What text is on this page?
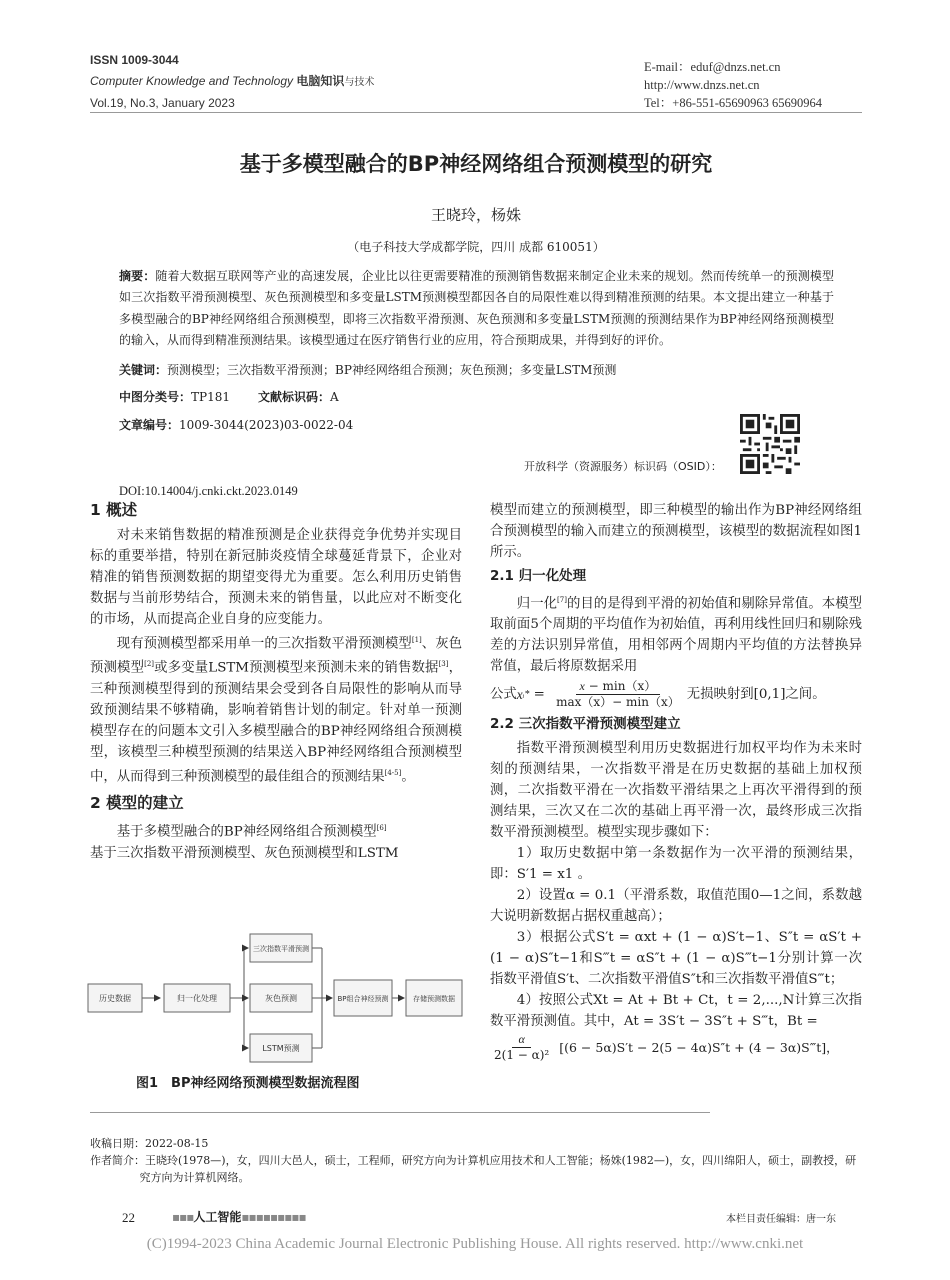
ISSN 1009-3044
Computer Knowledge and Technology 电脑知识与技术
Vol.19, No.3, January 2023
E-mail：eduf@dnzs.net.cn
http://www.dnzs.net.cn
Tel：+86-551-65690963 65690964
基于多模型融合的BP神经网络组合预测模型的研究
王晓玲，杨姝
（电子科技大学成都学院，四川 成都 610051）
摘要：随着大数据互联网等产业的高速发展，企业比以往更需要精准的预测销售数据来制定企业未来的规划。然而传统单一的预测模型如三次指数平滑预测模型、灰色预测模型和多变量LSTM预测模型都因各自的局限性难以得到精准预测的结果。本文提出建立一种基于多模型融合的BP神经网络组合预测模型，即将三次指数平滑预测、灰色预测和多变量LSTM预测的预测结果作为BP神经网络预测模型的输入，从而得到精准预测结果。该模型通过在医疗销售行业的应用，符合预期成果，并得到好的评价。
关键词：预测模型；三次指数平滑预测；BP神经网络组合预测；灰色预测；多变量LSTM预测
中图分类号：TP181 文献标识码：A
文章编号：1009-3044(2023)03-0022-04
开放科学（资源服务）标识码（OSID）：
DOI:10.14004/j.cnki.ckt.2023.0149
1 概述

对未来销售数据的精准预测是企业获得竞争优势并实现目标的重要举措，特别在新冠肺炎疫情全球蔓延背景下，企业对精准的销售预测数据的期望变得尤为重要。怎么利用历史销售数据与当前形势结合，预测未来的销售量，以此应对不断变化的市场，从而提高企业自身的应变能力。

现有预测模型都采用单一的三次指数平滑预测模型[1]、灰色预测模型[2]或多变量LSTM预测模型来预测未来的销售数据[3]，三种预测模型得到的预测结果会受到各自局限性的影响从而导致预测结果不够精确，影响着销售计划的制定。针对单一预测模型存在的问题本文引入多模型融合的BP神经网络组合预测模型，该模型三种模型预测的结果送入BP神经网络组合预测模型中，从而得到三种预测模型的最佳组合的预测结果[4-5]。

2 模型的建立

基于多模型融合的BP神经网络组合预测模型[6]

基于三次指数平滑预测模型、灰色预测模型和LSTM
历史数据	归一化处理
三次指数平滑预测
灰色预测
LSTM预测
BP组合神经预测	存储预测数据
图1　BP神经网络预测模型数据流程图
模型而建立的预测模型，即三种模型的输出作为BP神经网络组合预测模型的输入而建立的预测模型，该模型的数据流程如图1所示。
2.1 归一化处理

归一化[7]的目的是得到平滑的初始值和剔除异常值。本模型取前面5个周期的平均值作为初始值，再利用线性回归和剔除残差的方法识别异常值，用相邻两个周期内平均值的方法替换异常值，最后将原数据采用

公式 x ᵢ* =
x − min（x）
max（x）− min（x） 无损映射到[0,1]之间。
2.2 三次指数平滑预测模型建立

指数平滑预测模型利用历史数据进行加权平均作为未来时刻的预测结果，一次指数平滑是在历史数据的基础上加权预测，二次指数平滑在一次指数平滑结果之上再次平滑得到的预测结果，三次又在二次的基础上再平滑一次，最终形成三次指数平滑预测模型。模型实现步骤如下：

1）取历史数据中第一条数据作为一次平滑的预测结果，即：S′1 = x1 。

2）设置α = 0.1（平滑系数，取值范围0—1之间，系数越大说明新数据占据权重越高）；

3）根据公式S′t = αxt + (1 − α)S′t−1、S″t = αS′t + (1 − α)S″t−1和S‴t = αS″t + (1 − α)S‴t−1分别计算一次指数平滑值S′t、二次指数平滑值S″t和三次指数平滑值S‴t；

4）按照公式Xt = At + Bt + Ct，t = 2,...,N计算三次指数平滑预测值。其中，At = 3S′t − 3S″t + S‴t，Bt =

α
2(1 − α)² [(6 − 5α)S′t − 2(5 − 4α)S″t + (4 − 3α)S‴t]，
收稿日期：2022-08-15
作者简介：王晓玲(1978—)，女，四川大邑人，硕士，工程师，研究方向为计算机应用技术和人工智能；杨姝(1982—)，女，四川绵阳人，硕士，副教授，研究方向为计算机网络。
22	▪▪▪人工智能▪▪▪▪▪▪▪▪▪	本栏目责任编辑：唐一东
(C)1994-2023 China Academic Journal Electronic Publishing House. All rights reserved. http://www.cnki.net
